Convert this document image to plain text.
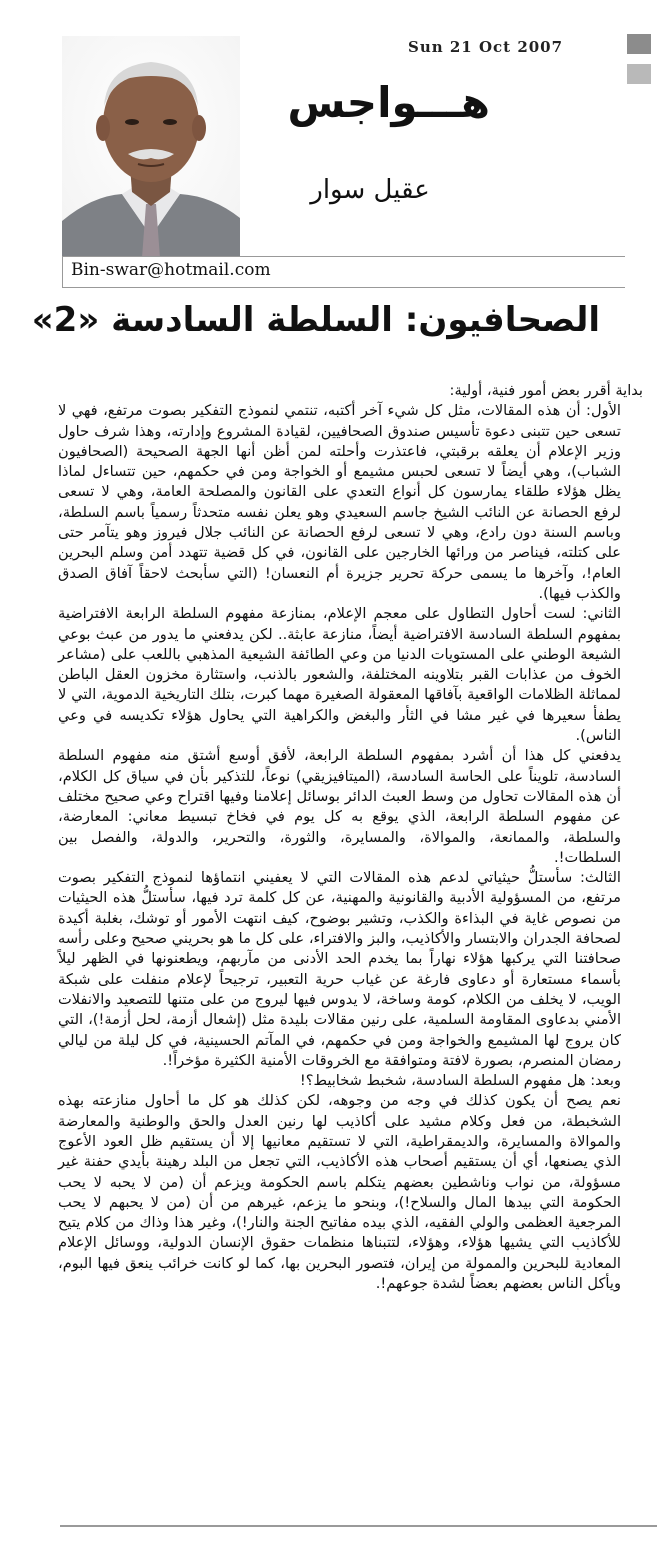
Sun 21 Oct 2007
هـــواجس
عقيل سوار
Bin-swar@hotmail.com
الصحافيون: السلطة السادسة «2»

بداية أقرر بعض أمور فنية، أولية:

الأول: أن هذه المقالات، مثل كل شيء آخر أكتبه، تنتمي لنموذج التفكير بصوت مرتفع، فهي لا تسعى حين تتبنى دعوة تأسيس صندوق الصحافيين، لقيادة المشروع وإدارته، وهذا شرف حاول وزير الإعلام أن يعلقه برقبتي، فاعتذرت وأحلته لمن أظن أنها الجهة الصحيحة (الصحافيون الشباب)، وهي أيضاً لا تسعى لحبس مشيمع أو الخواجة ومن في حكمهم، حين تتساءل لماذا يظل هؤلاء طلقاء يمارسون كل أنواع التعدي على القانون والمصلحة العامة، وهي لا تسعى لرفع الحصانة عن النائب الشيخ جاسم السعيدي وهو يعلن نفسه متحدثاً رسمياً باسم السلطة، وباسم السنة دون رادع، وهي لا تسعى لرفع الحصانة عن النائب جلال فيروز وهو يتآمر حتى على كتلته، فيناصر من ورائها الخارجين على القانون، في كل قضية تتهدد أمن وسلم البحرين العام!، وآخرها ما يسمى حركة تحرير جزيرة أم النعسان! (التي سأبحث لاحقاً آفاق الصدق والكذب فيها).

الثاني: لست أحاول التطاول على معجم الإعلام، بمنازعة مفهوم السلطة الرابعة الافتراضية بمفهوم السلطة السادسة الافتراضية أيضاً، منازعة عابثة.. لكن يدفعني ما يدور من عبث بوعي الشيعة الوطني على المستويات الدنيا من وعي الطائفة الشيعية المذهبي باللعب على (مشاعر الخوف من عذابات القبر بتلاوينه المختلفة، والشعور بالذنب، واستثارة مخزون العقل الباطن لمماثلة الظلامات الواقعية بآفاقها المعقولة الصغيرة مهما كبرت، بتلك التاريخية الدموية، التي لا يطفأ سعيرها في غير مشا في الثأر والبغض والكراهية التي يحاول هؤلاء تكديسه في وعي الناس).

يدفعني كل هذا أن أشرد بمفهوم السلطة الرابعة، لأفق أوسع أشتق منه مفهوم السلطة السادسة، تلويناً على الحاسة السادسة، (الميتافيزيقي) نوعاً، للتذكير بأن في سياق كل الكلام، أن هذه المقالات تحاول من وسط العبث الدائر بوسائل إعلامنا وفيها اقتراح وعي صحيح مختلف عن مفهوم السلطة الرابعة، الذي يوقع به كل يوم في فخاخ تبسيط معاني: المعارضة، والسلطة، والممانعة، والموالاة، والمسايرة، والثورة، والتحرير، والدولة، والفصل بين السلطات!.

الثالث: سأستلُّ حيثياتي لدعم هذه المقالات التي لا يعفيني انتماؤها لنموذج التفكير بصوت مرتفع، من المسؤولية الأدبية والقانونية والمهنية، عن كل كلمة ترد فيها، سأستلُّ هذه الحيثيات من نصوص غاية في البذاءة والكذب، وتشير بوضوح، كيف انتهت الأمور أو توشك، بغلبة أكيدة لصحافة الجدران والابتسار والأكاذيب، والبز والافتراء، على كل ما هو بحريني صحيح وعلى رأسه صحافتنا التي يركبها هؤلاء نهاراً بما يخدم الحد الأدنى من مآربهم، ويطعنونها في الظهر ليلاً بأسماء مستعارة أو دعاوى فارغة عن غياب حرية التعبير، ترجيحاً لإعلام منفلت على شبكة الويب، لا يخلف من الكلام، كومة وساخة، لا يدوس فيها ليروج من على متنها للتصعيد والانفلات الأمني بدعاوى المقاومة السلمية، على رنين مقالات بليدة مثل (إشعال أزمة، لحل أزمة!)، التي كان يروج لها المشيمع والخواجة ومن في حكمهم، في المآتم الحسينية، في كل ليلة من ليالي رمضان المنصرم، بصورة لافتة ومتوافقة مع الخروقات الأمنية الكثيرة مؤخراً!.

وبعد: هل مفهوم السلطة السادسة، شخبط شخابيط؟!

نعم يصح أن يكون كذلك في وجه من وجوهه، لكن كذلك هو كل ما أحاول منازعته بهذه الشخبطة، من فعل وكلام مشيد على أكاذيب لها رنين العدل والحق والوطنية والمعارضة والموالاة والمسايرة، والديمقراطية، التي لا تستقيم معانيها إلا أن يستقيم ظل العود الأعوج الذي يصنعها، أي أن يستقيم أصحاب هذه الأكاذيب، التي تجعل من البلد رهينة بأيدي حفنة غير مسؤولة، من نواب وناشطين بعضهم يتكلم باسم الحكومة ويزعم أن (من لا يحبه لا يحب الحكومة التي بيدها المال والسلاح!)، وبنحو ما يزعم، غيرهم من أن (من لا يحبهم لا يحب المرجعية العظمى والولي الفقيه، الذي بيده مفاتيح الجنة والنار!)، وغير هذا وذاك من كلام يتيح للأكاذيب التي يشيها هؤلاء، وهؤلاء، لتتبناها منظمات حقوق الإنسان الدولية، ووسائل الإعلام المعادية للبحرين والممولة من إيران، فتصور البحرين بها، كما لو كانت خرائب ينعق فيها البوم، ويأكل الناس بعضهم بعضاً لشدة جوعهم!.
